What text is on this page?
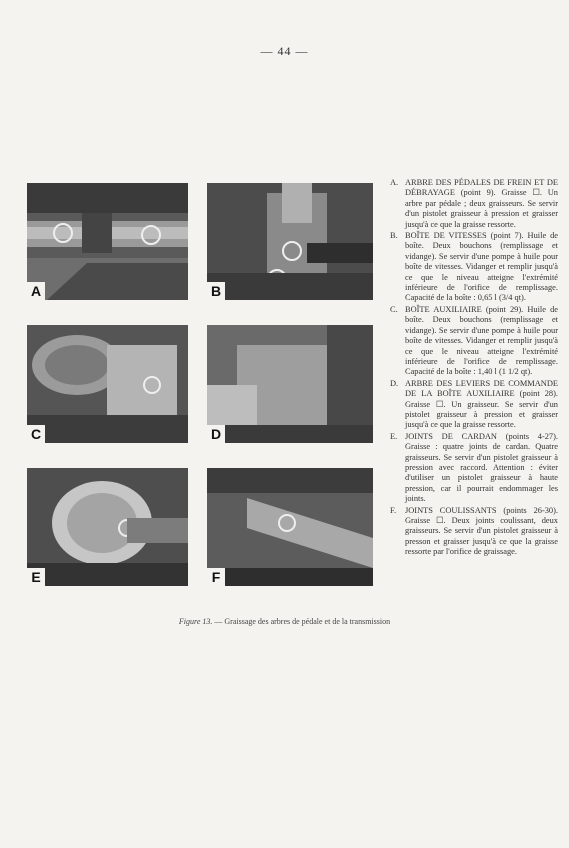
— 44 —
A	B
C	D
E	F
A. ARBRE DES PÉDALES DE FREIN ET DE DÉBRAYAGE (point 9). Graisse ☐. Un arbre par pédale ; deux graisseurs. Se servir d'un pistolet graisseur à pression et graisser jusqu'à ce que la graisse ressorte.
B. BOÎTE DE VITESSES (point 7). Huile de boîte. Deux bouchons (remplissage et vidange). Se servir d'une pompe à huile pour boîte de vitesses. Vidanger et remplir jusqu'à ce que le niveau atteigne l'extrémité inférieure de l'orifice de remplissage. Capacité de la boîte : 0,65 l (3/4 qt).
C. BOÎTE AUXILIAIRE (point 29). Huile de boîte. Deux bouchons (remplissage et vidange). Se servir d'une pompe à huile pour boîte de vitesses. Vidanger et remplir jusqu'à ce que le niveau atteigne l'extrémité inférieure de l'orifice de remplissage. Capacité de la boîte : 1,40 l (1 1/2 qt).
D. ARBRE DES LEVIERS DE COMMANDE DE LA BOÎTE AUXILIAIRE (point 28). Graisse ☐. Un graisseur. Se servir d'un pistolet graisseur à pression et graisser jusqu'à ce que la graisse ressorte.
E. JOINTS DE CARDAN (points 4-27). Graisse : quatre joints de cardan. Quatre graisseurs. Se servir d'un pistolet graisseur à pression avec raccord. Attention : éviter d'utiliser un pistolet graisseur à haute pression, car il pourrait endommager les joints.
F. JOINTS COULISSANTS (points 26-30). Graisse ☐. Deux joints coulissant, deux graisseurs. Se servir d'un pistolet graisseur à presson et graisser jusqu'à ce que la graisse ressorte par l'orifice de graissage.
Figure 13. — Graissage des arbres de pédale et de la transmission
